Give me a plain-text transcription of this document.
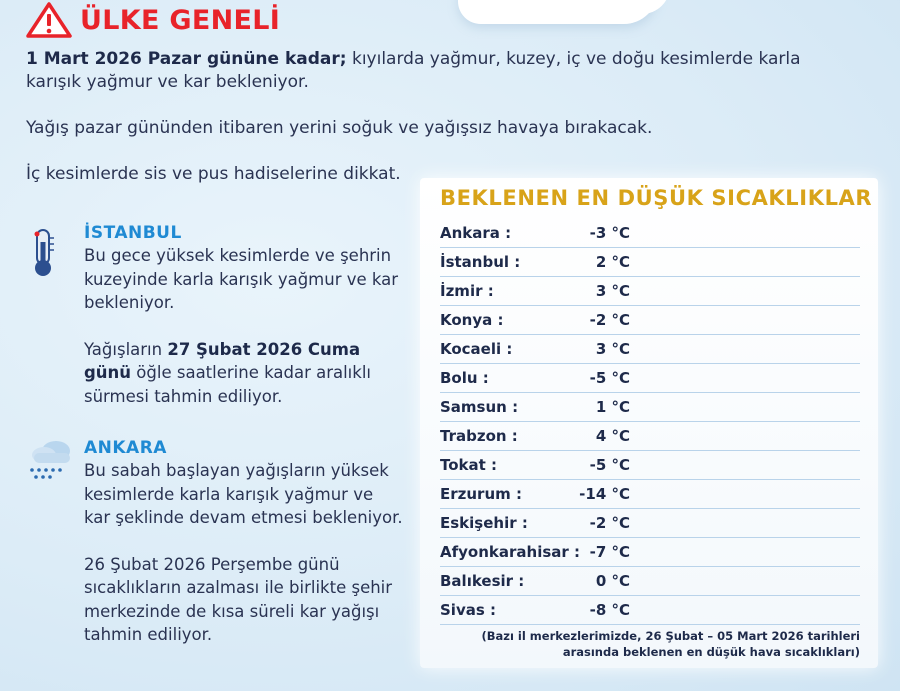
ÜLKE GENELİ

1 Mart 2026 Pazar gününe kadar; kıyılarda yağmur, kuzey, iç ve doğu kesimlerde karla karışık yağmur ve kar bekleniyor.

Yağış pazar gününden itibaren yerini soğuk ve yağışsız havaya bırakacak.

İç kesimlerde sis ve pus hadiselerine dikkat.

İSTANBUL

Bu gece yüksek kesimlerde ve şehrin kuzeyinde karla karışık yağmur ve kar bekleniyor.

Yağışların 27 Şubat 2026 Cuma günü öğle saatlerine kadar aralıklı sürmesi tahmin ediliyor.

ANKARA

Bu sabah başlayan yağışların yüksek kesimlerde karla karışık yağmur ve kar şeklinde devam etmesi bekleniyor.

26 Şubat 2026 Perşembe günü sıcaklıkların azalması ile birlikte şehir merkezinde de kısa süreli kar yağışı tahmin ediliyor.

BEKLENEN EN DÜŞÜK SICAKLIKLAR
Ankara :	-3 °C
İstanbul :	2 °C
İzmir :	3 °C
Konya :	-2 °C
Kocaeli :	3 °C
Bolu :	-5 °C
Samsun :	1 °C
Trabzon :	4 °C
Tokat :	-5 °C
Erzurum :	-14 °C
Eskişehir :	-2 °C
Afyonkarahisar : -7 °C
Balıkesir :	0 °C
Sivas :	-8 °C

(Bazı il merkezlerimizde, 26 Şubat – 05 Mart 2026 tarihleri arasında beklenen en düşük hava sıcaklıkları)
